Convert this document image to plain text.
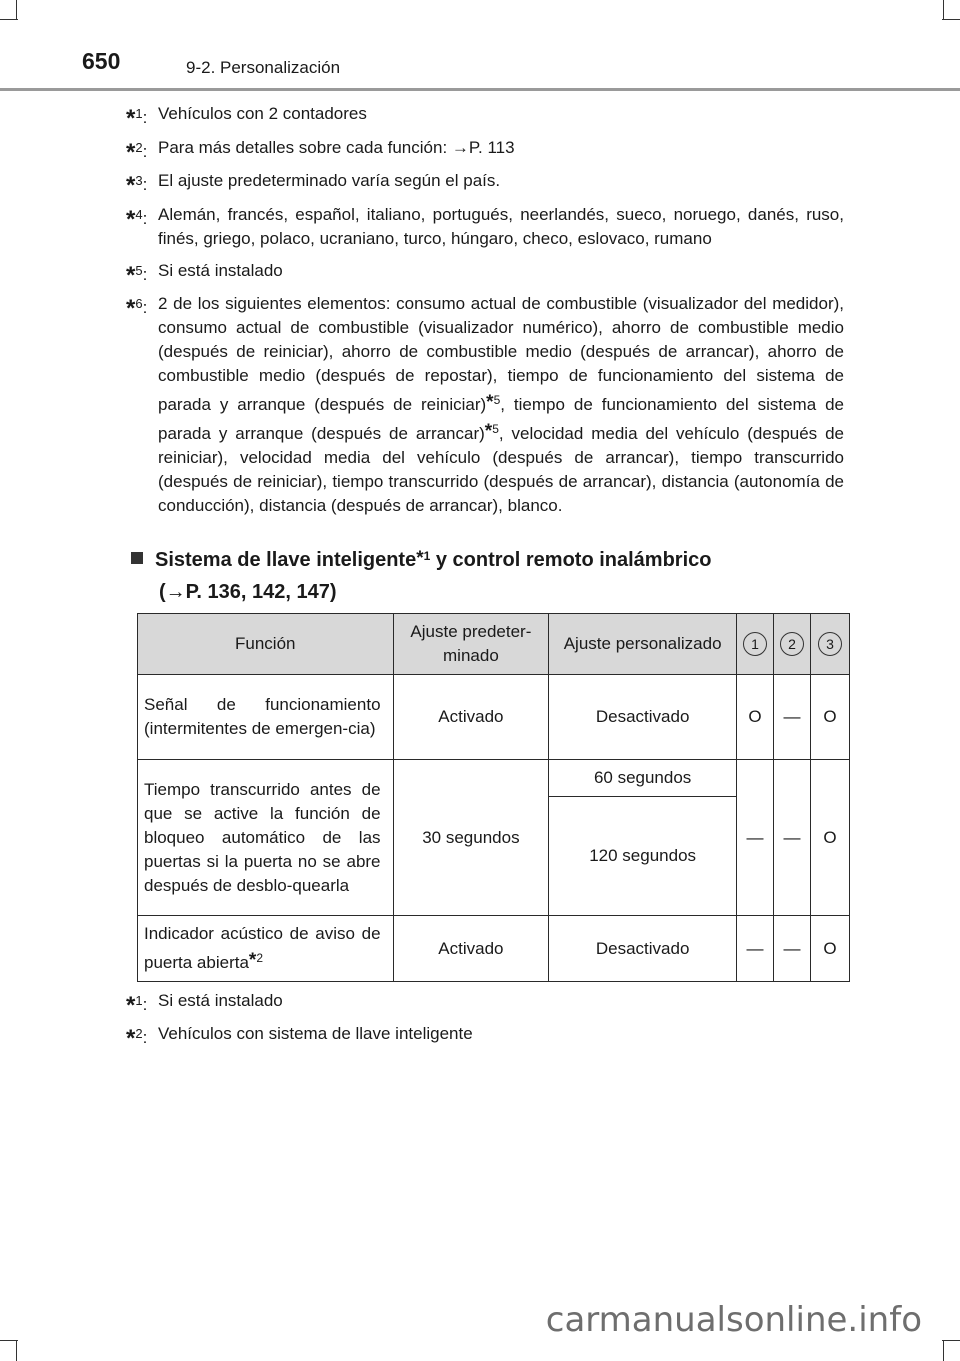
650	9-2. Personalización
*$^1$: Vehículos con 2 contadores
*$^2$: Para más detalles sobre cada función: →P. 113
*$^3$: El ajuste predeterminado varía según el país.
*$^4$: Alemán, francés, español, italiano, portugués, neerlandés, sueco, noruego, danés, ruso, finés, griego, polaco, ucraniano, turco, húngaro, checo, eslovaco, rumano
*$^5$: Si está instalado
*$^6$: 2 de los siguientes elementos: consumo actual de combustible (visualizador del medidor), consumo actual de combustible (visualizador numérico), ahorro de combustible medio (después de reiniciar), ahorro de combustible medio (después de arrancar), ahorro de combustible medio (después de repostar), tiempo de funcionamiento del sistema de parada y arranque (después de reiniciar)*$^5$, tiempo de funcionamiento del sistema de parada y arranque (después de arrancar)*$^5$, velocidad media del vehículo (después de reiniciar), velocidad media del vehículo (después de arrancar), tiempo transcurrido (después de reiniciar), tiempo transcurrido (después de arrancar), distancia (autonomía de conducción), distancia (después de arrancar), blanco.
Sistema de llave inteligente*$^1$ y control remoto inalámbrico
(→P. 136, 142, 147)
Función	Ajuste predeter-minado	Ajuste personalizado	1	2	3
Señal de funcionamiento (intermitentes de emergen-cia)	Activado	Desactivado	O	—	O
Tiempo transcurrido antes de que se active la función de bloqueo automático de las puertas si la puerta no se abre después de desblo-quearla	30 segundos	60 segundos	—	—	O
		120 segundos			
Indicador acústico de aviso de puerta abierta*$^2$	Activado	Desactivado	—	—	O
*$^1$: Si está instalado
*$^2$: Vehículos con sistema de llave inteligente
carmanualsonline.info
